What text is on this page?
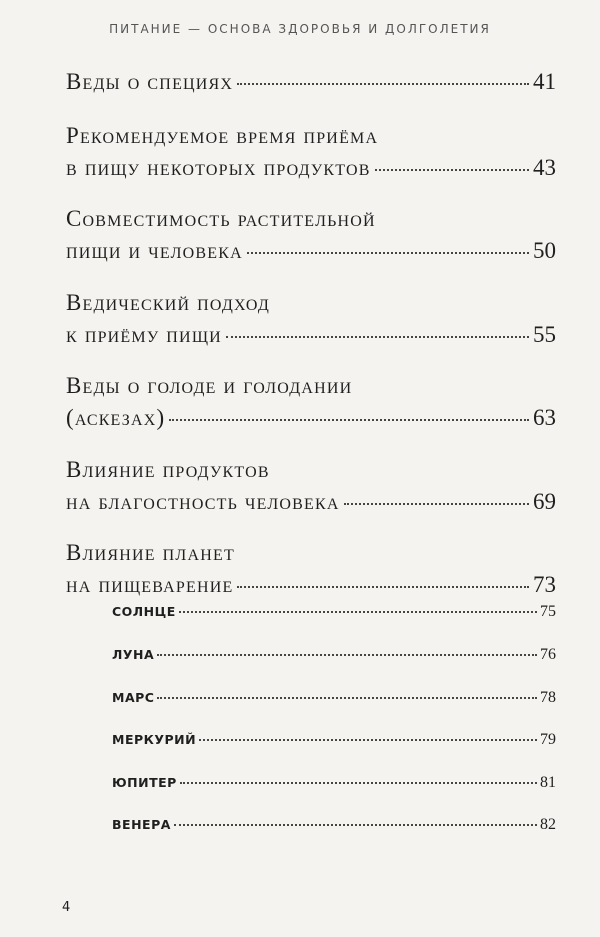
ПИТАНИЕ — ОСНОВА ЗДОРОВЬЯ И ДОЛГОЛЕТИЯ
Веды о специях	41
Рекомендуемое время приёма
в пищу некоторых продуктов	43
Совместимость растительной
пищи и человека	50
Ведический подход
к приёму пищи	55
Веды о голоде и голодании
(аскезах)	63
Влияние продуктов
на благостность человека	69
Влияние планет
на пищеварение	73
СОЛНЦЕ	75
ЛУНА	76
МАРС	78
МЕРКУРИЙ	79
ЮПИТЕР	81
ВЕНЕРА	82
4
